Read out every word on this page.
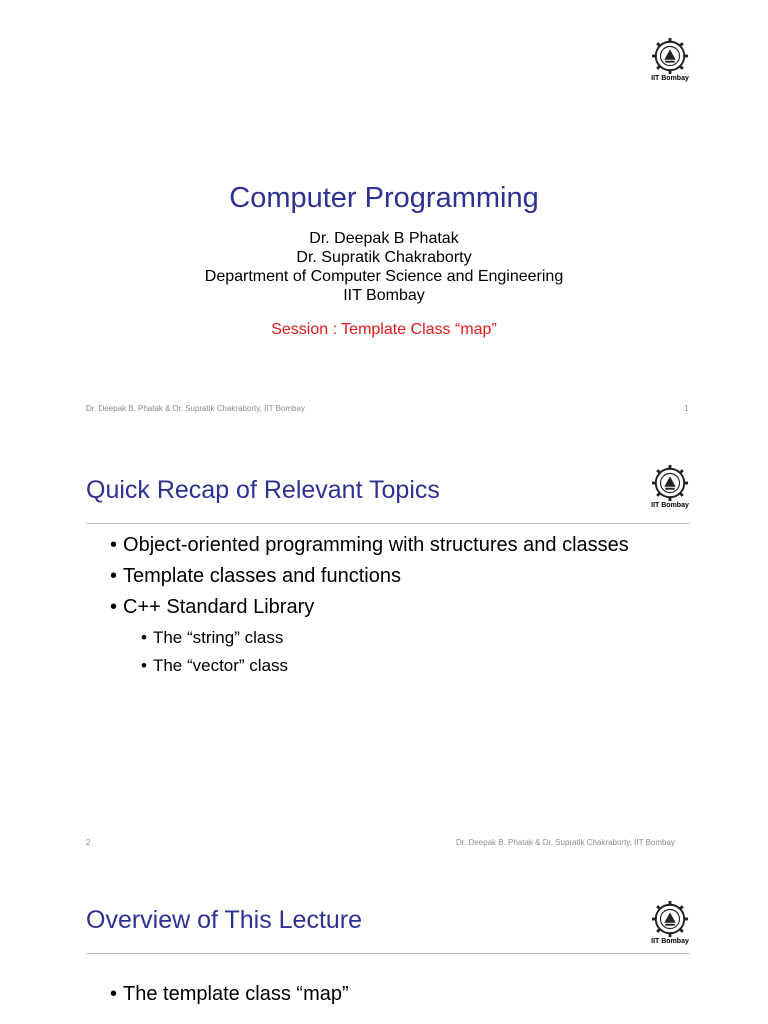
IIT Bombay
Computer Programming
Dr. Deepak B Phatak
Dr. Supratik Chakraborty
Department of Computer Science and Engineering
IIT Bombay
Session : Template Class “map”
Dr. Deepak B. Phatak & Dr. Supratik Chakraborty, IIT Bombay	1
IIT Bombay
Quick Recap of Relevant Topics
• Object-oriented programming with structures and classes
• Template classes and functions
• C++ Standard Library
• The “string” class
• The “vector” class
2	Dr. Deepak B. Phatak & Dr. Supratik Chakraborty, IIT Bombay
IIT Bombay
Overview of This Lecture
• The template class “map”
